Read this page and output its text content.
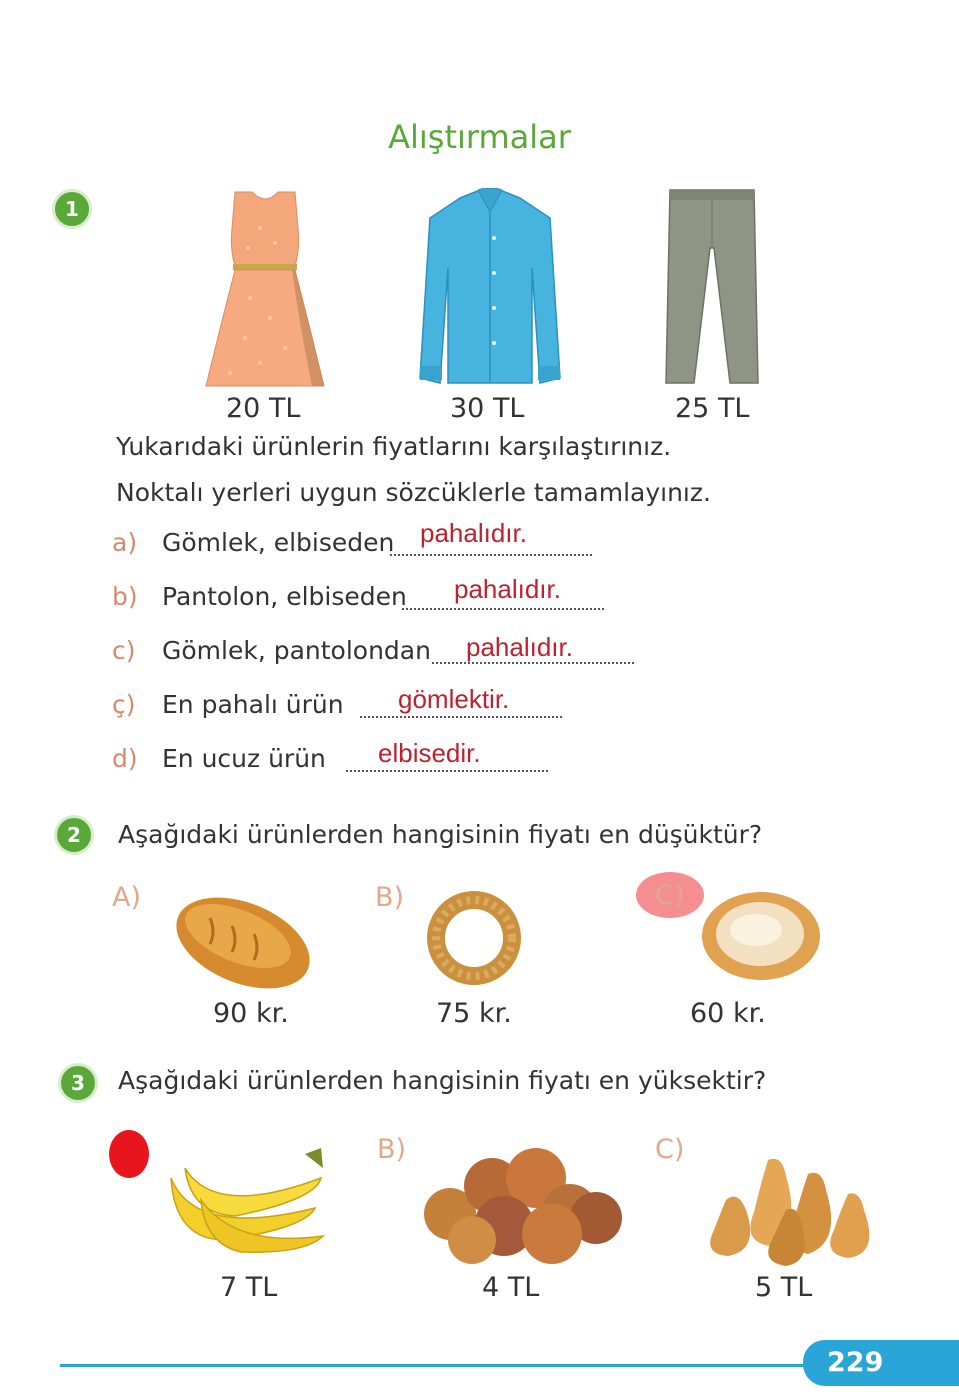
Alıştırmalar
1
20 TL	30 TL	25 TL
Yukarıdaki ürünlerin fiyatlarını karşılaştırınız.
Noktalı yerleri uygun sözcüklerle tamamlayınız.
a) Gömlek, elbiseden pahalıdır.
b) Pantolon, elbiseden pahalıdır.
c) Gömlek, pantolondan pahalıdır.
ç) En pahalı ürün gömlektir.
d) En ucuz ürün elbisedir.
2	Aşağıdaki ürünlerden hangisinin fiyatı en düşüktür?
A)	B)	C)
90 kr.	75 kr.	60 kr.
3	Aşağıdaki ürünlerden hangisinin fiyatı en yüksektir?
B)	C)
7 TL	4 TL	5 TL
229
